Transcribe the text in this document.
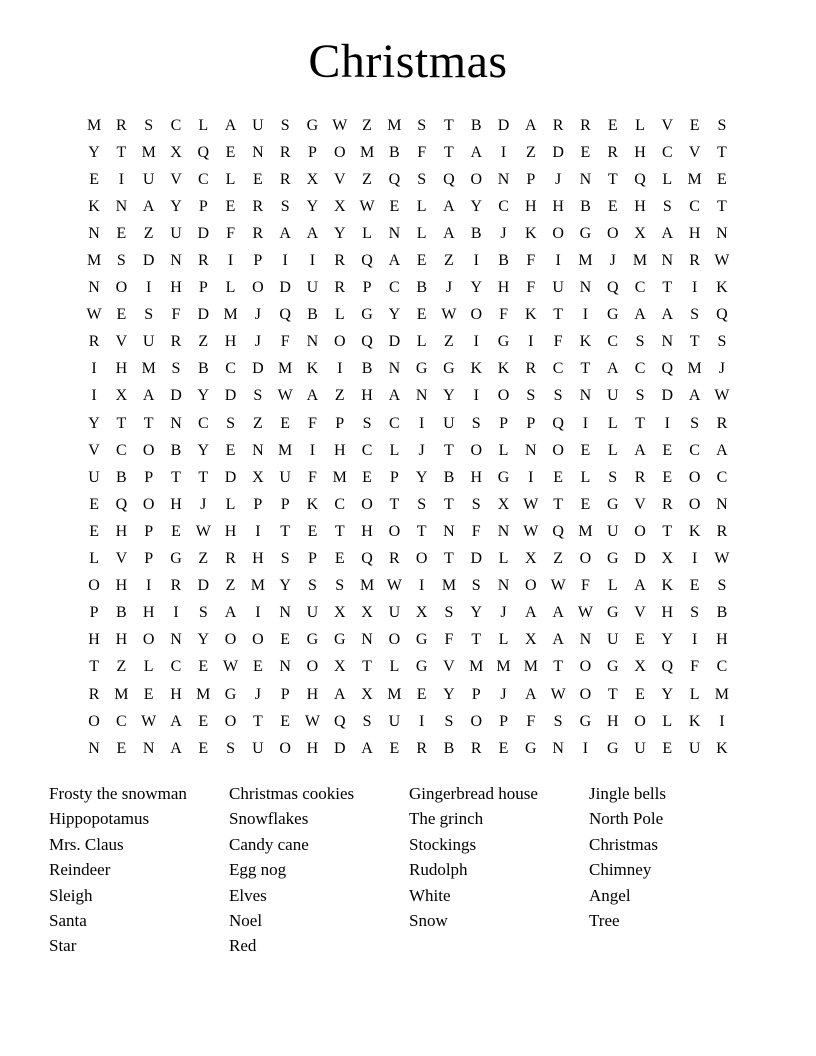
Christmas
M R	S	C	L	A U	S	G W Z M S	T	B	D A	R	R	E	L	V	E	S
Y	T M X Q	E	N	R	P	O M B	F	T	A	I	Z	D	E	R	H	C	V	T
E	I	U V	C	L	E	R	X V	Z	Q	S	Q O N	P	J	N	T	Q	L M E
K N A Y	P	E	R	S	Y X W E	L	A Y	C	H H	B	E	H	S	C	T
N	E	Z	U D	F	R	A A Y	L	N	L	A	B	J	K O G O X A H N
M S	D N	R	I	P	I	I	R	Q A	E	Z	I	B	F	I	M	J	M N	R W
N O	I	H	P	L	O D U	R	P	C	B	J	Y H	F	U N Q	C	T	I	K
W E	S	F	D M	J	Q	B	L	G Y	E W O	F	K	T	I	G A A	S	Q
R	V U	R	Z	H	J	F	N O Q D	L	Z	I	G	I	F	K	C	S	N	T	S
I	H M S	B	C	D M K	I	B	N G G K K	R	C	T	A	C	Q M	J
I	X A D Y D	S W A	Z	H A N Y	I	O	S	S	N U	S	D A W
Y	T	T	N	C	S	Z	E	F	P	S	C	I	U	S	P	P	Q	I	L	T	I	S	R
V	C	O	B	Y	E	N M	I	H	C	L	J	T	O	L	N O	E	L	A	E	C	A
U	B	P	T	T	D X U	F M E	P	Y	B	H G	I	E	L	S	R	E	O	C
E	Q O H	J	L	P	P	K	C	O	T	S	T	S	X W T	E	G V	R	O N
E	H	P	E W H	I	T	E	T	H O	T	N	F	N W Q M U O	T	K	R
L	V	P	G	Z	R	H	S	P	E	Q	R	O	T	D	L	X	Z	O G D X	I	W
O H	I	R	D	Z M Y	S	S M W	I	M S	N O W F	L	A K	E	S
P	B	H	I	S	A	I	N U X X U X	S	Y	J	A A W G V H	S	B
H H O N Y O O	E	G G N O G	F	T	L	X A N U	E	Y	I	H
T	Z	L	C	E W E	N O X	T	L	G V M M M T	O G X Q	F	C
R M E	H M G	J	P	H A X M E	Y	P	J	A W O	T	E	Y	L M
O	C W A	E	O	T	E W Q	S	U	I	S	O	P	F	S	G H O	L	K	I
N	E	N A	E	S	U O H D A	E	R	B	R	E	G N	I	G U	E	U K
Frosty the snowman
Hippopotamus
Mrs. Claus
Reindeer
Sleigh
Santa
Star
Christmas cookies
Snowflakes
Candy cane
Egg nog
Elves
Noel
Red
Gingerbread house
The grinch
Stockings
Rudolph
White
Snow
Jingle bells
North Pole
Christmas
Chimney
Angel
Tree
